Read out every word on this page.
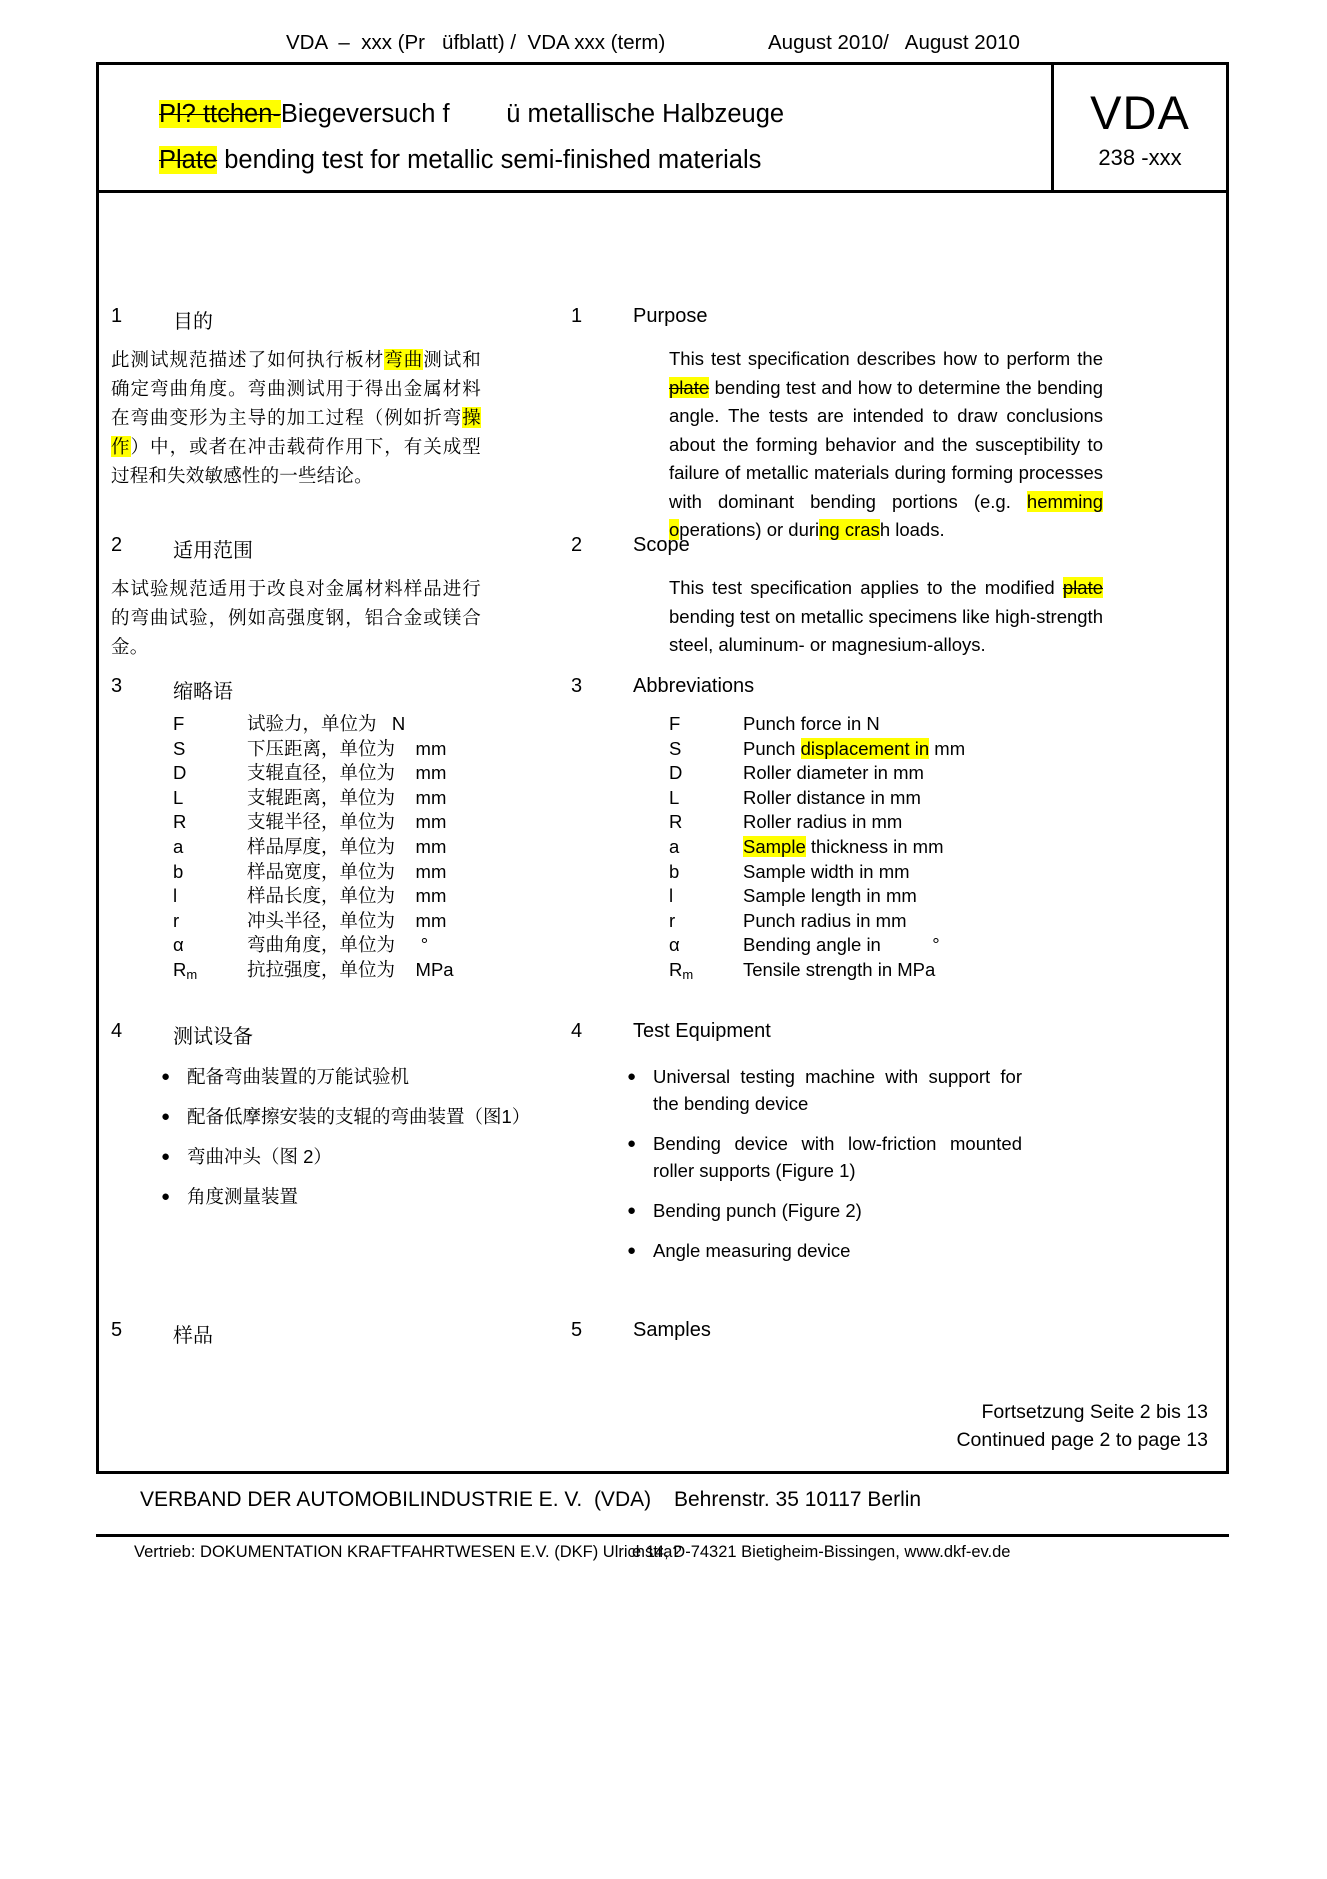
VDA  –  xxx (Pr   üfblatt) /  VDA xxx (term)	August 2010/   August 2010
Pl? ttchen-Biegeversuch f        ü metallische Halbzeuge
Plate bending test for metallic semi-finished materials
VDA
238 -xxx
1	目的	1	Purpose
此测试规范描述了如何执行板材弯曲测试和确定弯曲角度。弯曲测试用于得出金属材料在弯曲变形为主导的加工过程（例如折弯操作）中，或者在冲击载荷作用下，有关成型过程和失效敏感性的一些结论。
This test specification describes how to perform the plate bending test and how to determine the bending angle. The tests are intended to draw conclusions about the forming behavior and the susceptibility to failure of metallic materials during forming processes with dominant bending portions (e.g. hemming operations) or during crash loads.
2	适用范围	2	Scope
本试验规范适用于改良对金属材料样品进行的弯曲试验，例如高强度钢，铝合金或镁合金。
This test specification applies to the modified plate bending test on metallic specimens like high-strength steel, aluminum- or magnesium-alloys.
3	缩略语	3	Abbreviations
F	试验力，单位为   N
S	下压距离，单位为    mm
D	支辊直径，单位为    mm
L	支辊距离，单位为    mm
R	支辊半径，单位为    mm
a	样品厚度，单位为    mm
b	样品宽度，单位为    mm
l	样品长度，单位为    mm
r	冲头半径，单位为    mm
α	弯曲角度，单位为     °
$R_m$	抗拉强度，单位为    MPa
F	Punch force in N
S	Punch displacement in mm
D	Roller diameter in mm
L	Roller distance in mm
R	Roller radius in mm
a	Sample thickness in mm
b	Sample width in mm
l	Sample length in mm
r	Punch radius in mm
α	Bending angle in          °
$R_m$	Tensile strength in MPa
4	测试设备	4	Test Equipment
● 配备弯曲装置的万能试验机
● 配备低摩擦安装的支辊的弯曲装置（图1）
● 弯曲冲头（图 2）
● 角度测量装置
● Universal testing machine with support for the bending device
● Bending device with low-friction mounted roller supports (Figure 1)
● Bending punch (Figure 2)
● Angle measuring device
5	样品	5	Samples
Fortsetzung Seite 2 bis 13
Continued page 2 to page 13
VERBAND DER AUTOMOBILINDUSTRIE E. V.  (VDA) Behrenstr. 35 10117 Berlin

Vertrieb: DOKUMENTATION KRAFTFAHRTWESEN E.V. (DKF) Ulrichstra?

e 14, D-74321 Bietigheim-Bissingen, www.dkf-ev.de
